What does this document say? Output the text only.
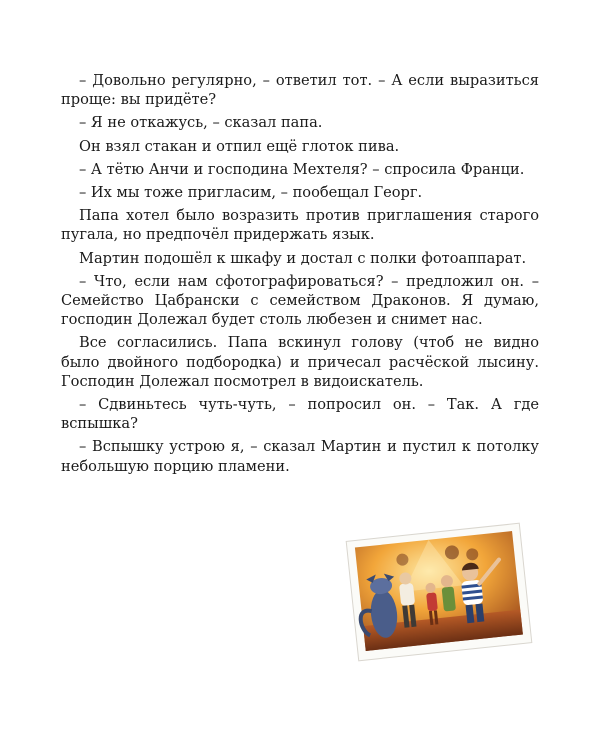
– Довольно регулярно, – ответил тот. – А если выразиться проще: вы придёте?

– Я не откажусь, – сказал папа.

Он взял стакан и отпил ещё глоток пива.

– А тётю Анчи и господина Мехтеля? – спросила Франци.

– Их мы тоже пригласим, – пообещал Георг.

Папа хотел было возразить против приглашения старого пугала, но предпочёл придержать язык.

Мартин подошёл к шкафу и достал с полки фотоаппарат.

– Что, если нам сфотографироваться? – предложил он. – Семейство Цабрански с семейством Драконов. Я думаю, господин Долежал будет столь любезен и снимет нас.

Все согласились. Папа вскинул голову (чтоб не видно было двойного подбородка) и причесал расчёской лысину. Господин Долежал посмотрел в видоискатель.

– Сдвиньтесь чуть-чуть, – попросил он. – Так. А где вспышка?

– Вспышку устрою я, – сказал Мартин и пустил к потолку небольшую порцию пламени.
